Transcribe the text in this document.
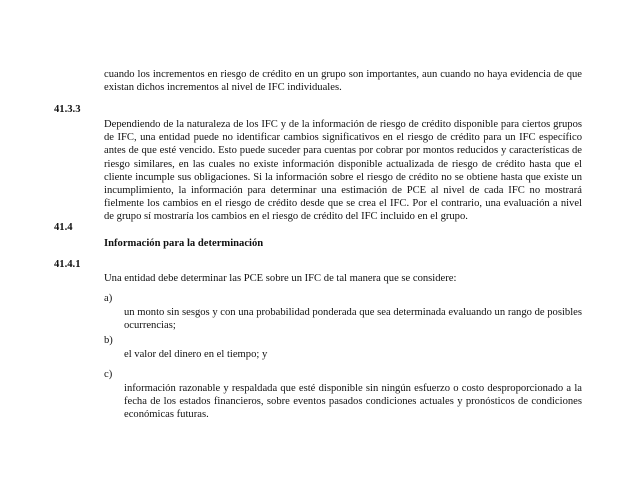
cuando los incrementos en riesgo de crédito en un grupo son importantes, aun cuando no haya evidencia de que existan dichos incrementos al nivel de IFC individuales.

41.3.3

Dependiendo de la naturaleza de los IFC y de la información de riesgo de crédito disponible para ciertos grupos de IFC, una entidad puede no identificar cambios significativos en el riesgo de crédito para un IFC específico antes de que esté vencido. Esto puede suceder para cuentas por cobrar por montos reducidos y características de riesgo similares, en las cuales no existe información disponible actualizada de riesgo de crédito hasta que el cliente incumple sus obligaciones. Si la información sobre el riesgo de crédito no se obtiene hasta que existe un incumplimiento, la información para determinar una estimación de PCE al nivel de cada IFC no mostrará fielmente los cambios en el riesgo de crédito desde que se crea el IFC. Por el contrario, una evaluación a nivel de grupo sí mostraría los cambios en el riesgo de crédito del IFC incluido en el grupo.

41.4

Información para la determinación

41.4.1

Una entidad debe determinar las PCE sobre un IFC de tal manera que se considere:

a)

un monto sin sesgos y con una probabilidad ponderada que sea determinada evaluando un rango de posibles ocurrencias;

b)

el valor del dinero en el tiempo; y

c)

información razonable y respaldada que esté disponible sin ningún esfuerzo o costo desproporcionado a la fecha de los estados financieros, sobre eventos pasados condiciones actuales y pronósticos de condiciones económicas futuras.
